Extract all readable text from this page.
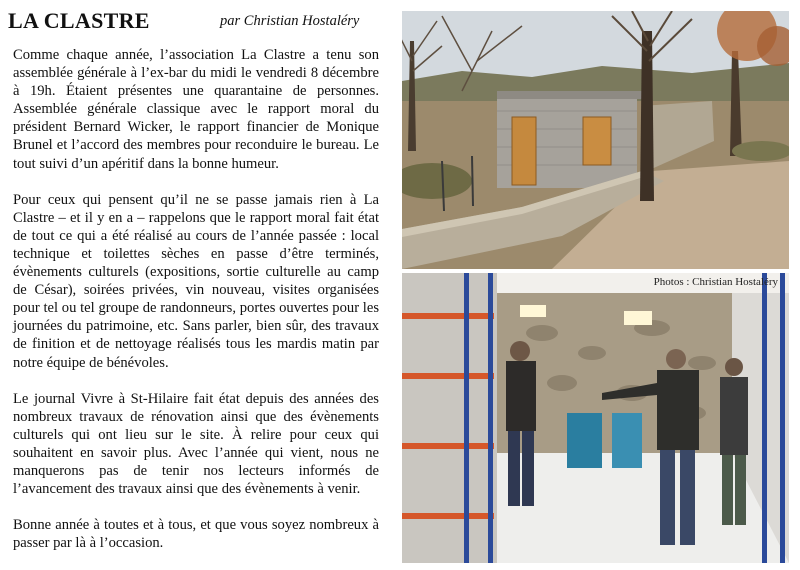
LA CLASTRE	par Christian Hostaléry

Comme chaque année, l’association La Clastre a tenu son assemblée générale à l’ex-bar du midi le vendredi 8 décembre à 19h. Étaient présentes une quarantaine de personnes. Assemblée générale classique avec le rapport moral du président Bernard Wicker, le rapport financier de Monique Brunel et l’accord des membres pour reconduire le bureau. Le tout suivi d’un apéritif dans la bonne humeur.

Pour ceux qui pensent qu’il ne se passe jamais rien à La Clastre – et il y en a – rappelons que le rapport moral fait état de tout ce qui a été réalisé au cours de l’année passée : local technique et toilettes sèches en passe d’être terminés, évènements culturels (expositions, sortie culturelle au camp de César), soirées privées, vin nouveau, visites organisées pour tel ou tel groupe de randonneurs, portes ouvertes pour les journées du patrimoine, etc. Sans parler, bien sûr, des travaux de finition et de nettoyage réalisés tous les mardis matin par notre équipe de bénévoles.

Le journal Vivre à St-Hilaire fait état depuis des années des nombreux travaux de rénovation ainsi que des évènements culturels qui ont lieu sur le site. À relire pour ceux qui souhaitent en savoir plus. Avec l’année qui vient, nous ne manquerons pas de tenir nos lecteurs informés de l’avancement des travaux ainsi que des évènements à venir.

Bonne année à toutes et à tous, et que vous soyez nombreux à passer par là à l’occasion.

Photos : Christian Hostaléry
